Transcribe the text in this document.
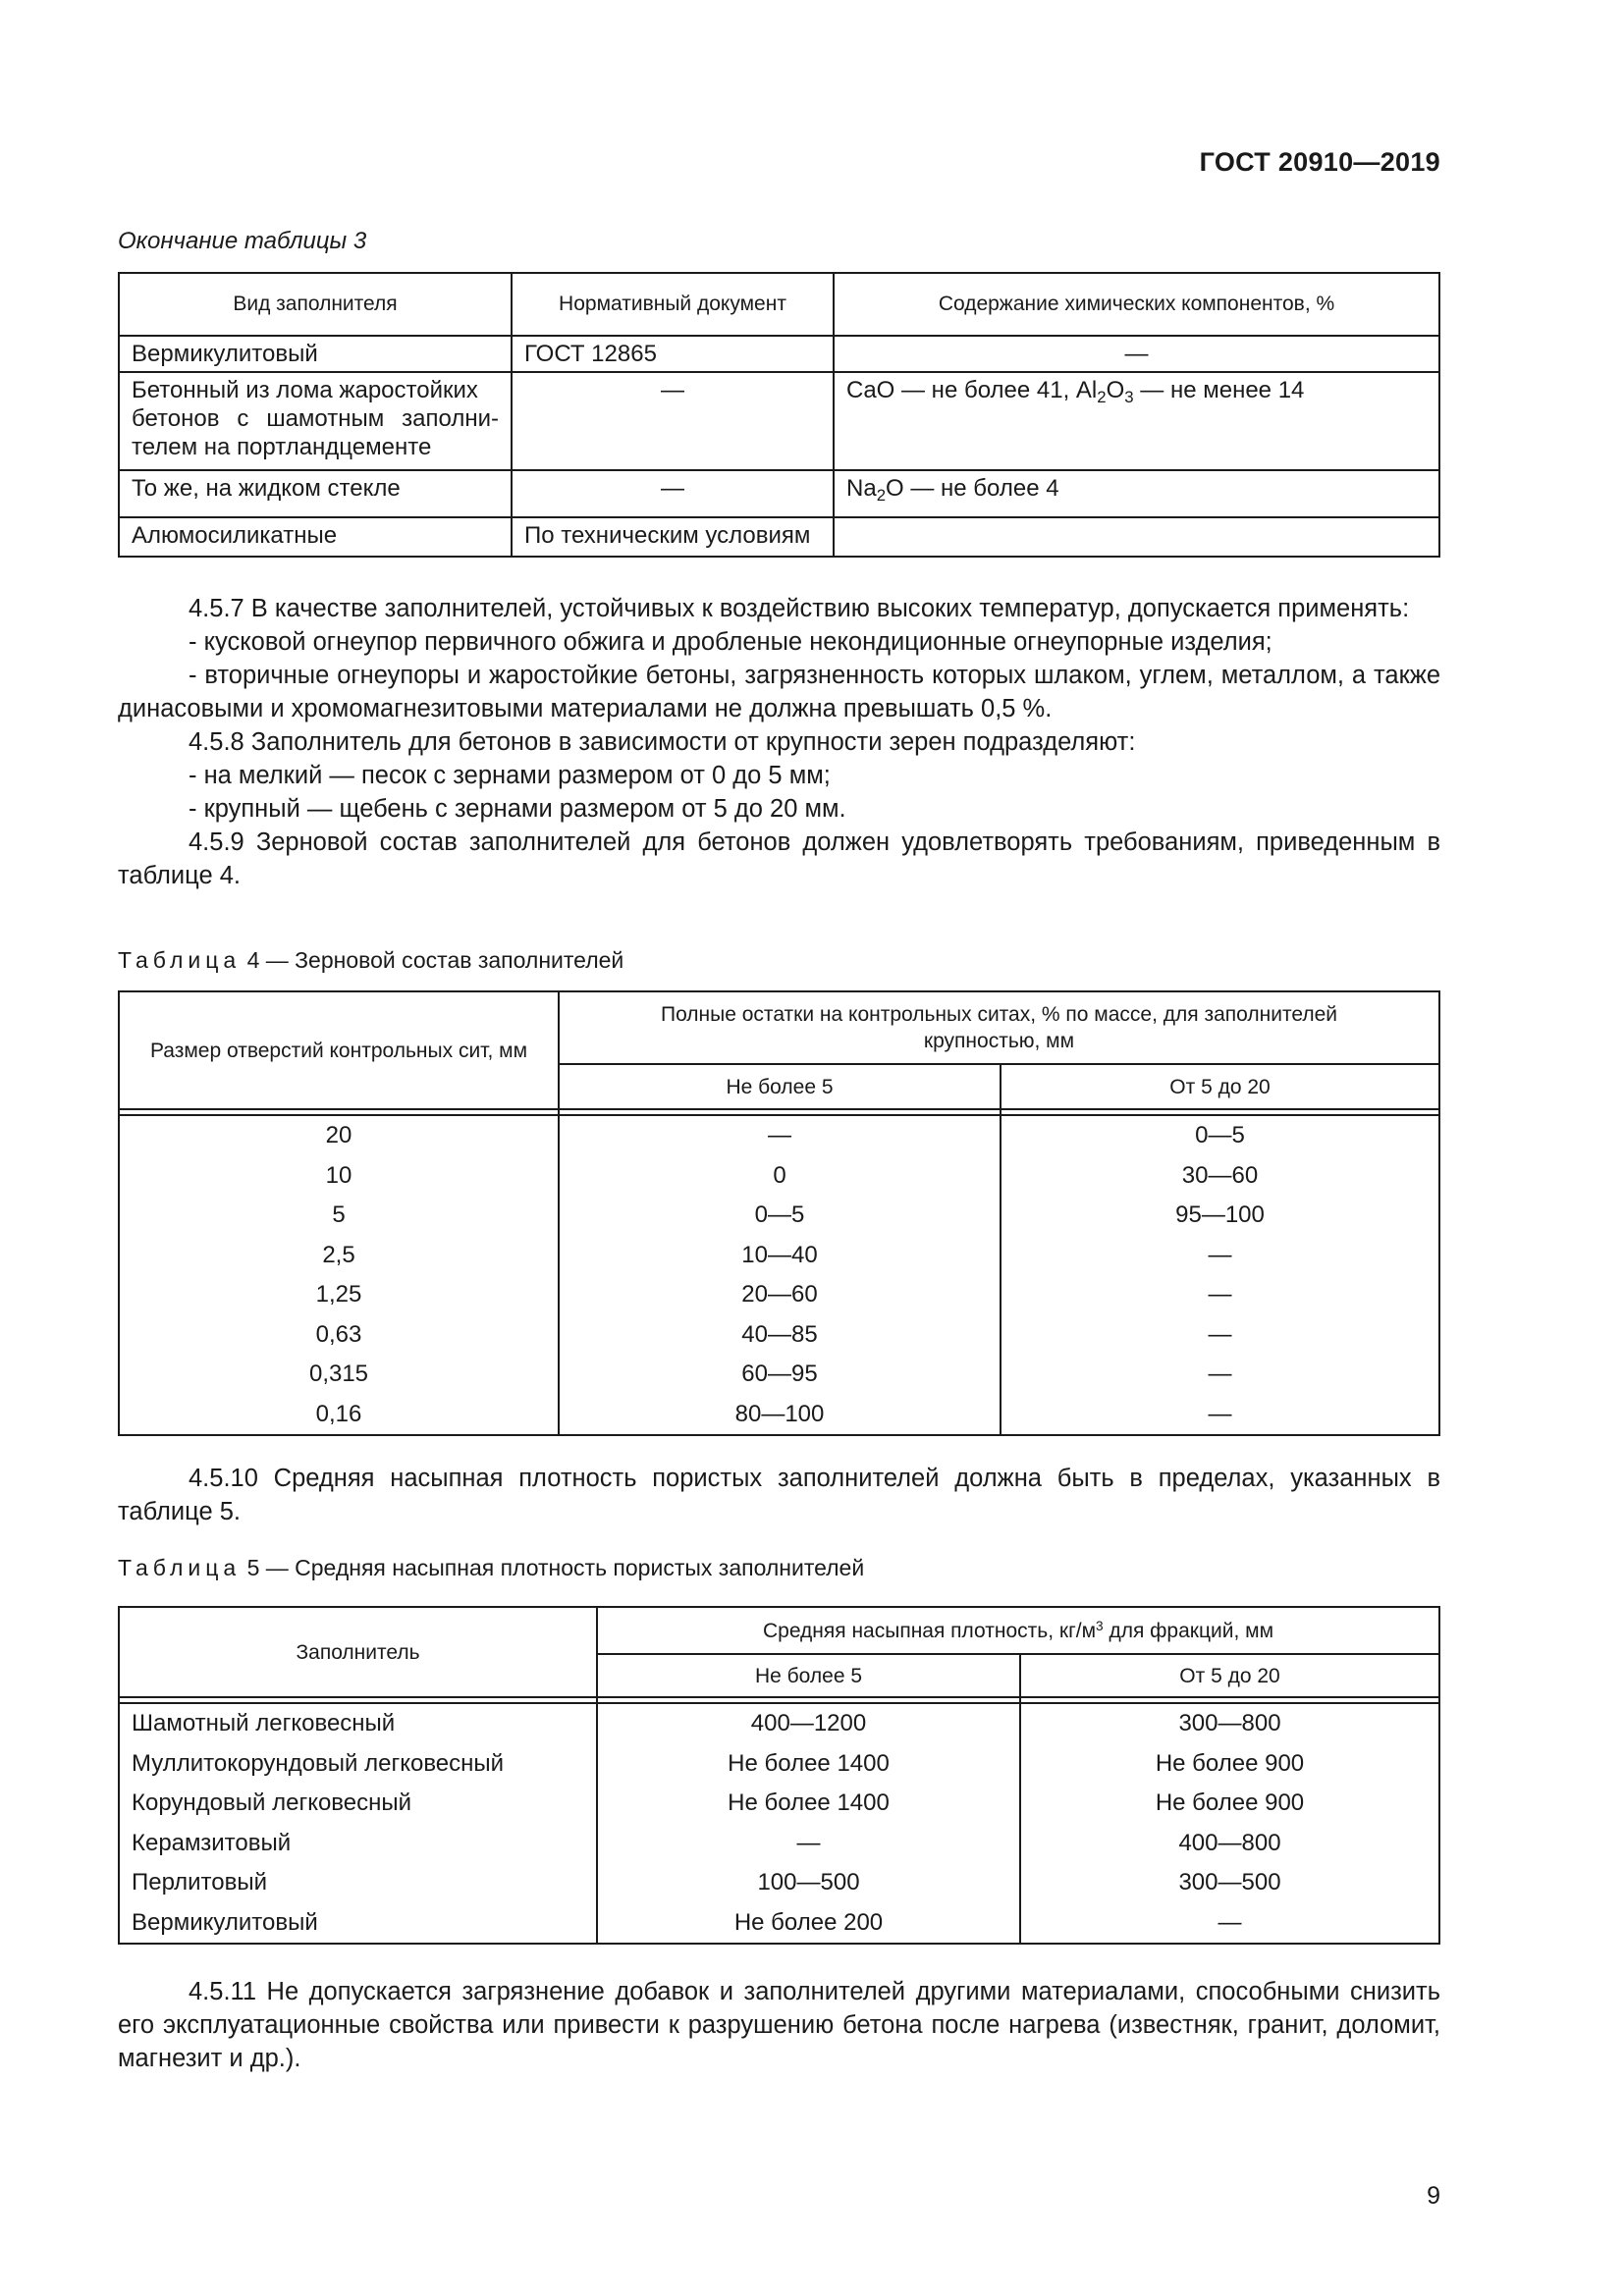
ГОСТ 20910—2019
Окончание таблицы 3
Вид заполнителя	Нормативный документ	Содержание химических компонентов, %
Вермикулитовый	ГОСТ 12865	—

Бетонный из лома жаростойких
бетонов с шамотным заполни-
телем на портландцементе	—	CaO — не более 41, $Al_2O_3$ — не менее 14
То же, на жидком стекле	—	$Na_2O$ — не более 4
Алюмосиликатные	По техническим условиям	

4.5.7 В качестве заполнителей, устойчивых к воздействию высоких температур, допускается применять:

- кусковой огнеупор первичного обжига и дробленые некондиционные огнеупорные изделия;

- вторичные огнеупоры и жаростойкие бетоны, загрязненность которых шлаком, углем, металлом, а также динасовыми и хромомагнезитовыми материалами не должна превышать 0,5 %.

4.5.8 Заполнитель для бетонов в зависимости от крупности зерен подразделяют:

- на мелкий — песок с зернами размером от 0 до 5 мм;

- крупный — щебень с зернами размером от 5 до 20 мм.

4.5.9 Зерновой состав заполнителей для бетонов должен удовлетворять требованиям, приведенным в таблице 4.

Таблица 4 — Зерновой состав заполнителей
Размер отверстий контрольных сит, мм	Полные остатки на контрольных ситах, % по массе, для заполнителей крупностью, мм	
	Не более 5	От 5 до 20

20	—	0—5
10	0	30—60
5	0—5	95—100
2,5	10—40	—
1,25	20—60	—
0,63	40—85	—
0,315	60—95	—
0,16	80—100	—

4.5.10 Средняя насыпная плотность пористых заполнителей должна быть в пределах, указанных в таблице 5.

Таблица 5 — Средняя насыпная плотность пористых заполнителей
Заполнитель	Средняя насыпная плотность, $кг/м^3$ для фракций, мм	
	Не более 5	От 5 до 20

Шамотный легковесный	400—1200	300—800
Муллитокорундовый легковесный	Не более 1400	Не более 900
Корундовый легковесный	Не более 1400	Не более 900
Керамзитовый	—	400—800
Перлитовый	100—500	300—500
Вермикулитовый	Не более 200	—

4.5.11 Не допускается загрязнение добавок и заполнителей другими материалами, способными снизить его эксплуатационные свойства или привести к разрушению бетона после нагрева (известняк, гранит, доломит, магнезит и др.).

9
